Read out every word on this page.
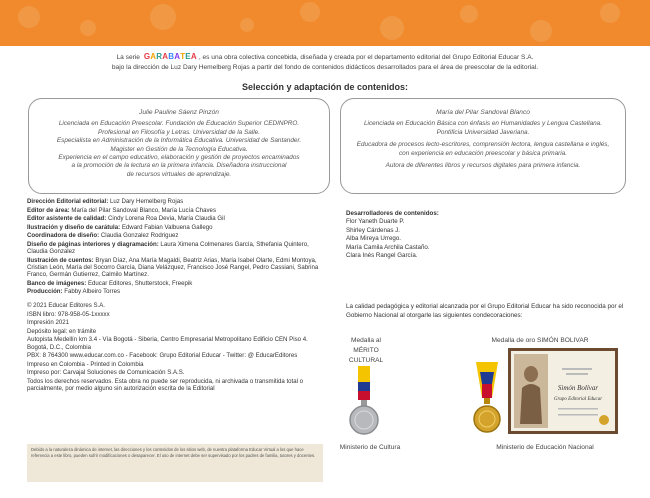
La serie GARABATEA , es una obra colectiva concebida, diseñada y creada por el departamento editorial del Grupo Editorial Educar S.A.
bajo la dirección de Luz Dary Hemelberg Rojas a partir del fondo de contenidos didácticos desarrollados para el área de preescolar de la editorial.
Selección y adaptación de contenidos:
Julie Pauline Sáenz Pinzón
Licenciada en Educación Preescolar. Fundación de Educación Superior CEDINPRO.
Profesional en Filosofía y Letras. Universidad de la Salle.
Especialista en Administración de la Informática Educativa. Universidad de Santander.
Magister en Gestión de la Tecnología Educativa.
Experiencia en el campo educativo, elaboración y gestión de proyectos encaminados
a la promoción de la lectura en la primera infancia. Diseñadora instruccional
de recursos virtuales de aprendizaje.
María del Pilar Sandoval Blanco

Licenciada en Educación Básica con énfasis en Humanidades y Lengua Castellana. Pontificia Universidad Javeriana.

Educadora de procesos lecto-escritores, comprensión lectora, lengua castellana e inglés, con experiencia en educación preescolar y básica primaria.

Autora de diferentes libros y recursos digitales para primera infancia.

Dirección Editorial editorial: Luz Dary Hemelberg Rojas
Editor de área: María del Pilar Sandoval Blanco, María Lucía Chaves
Editor asistente de calidad: Cindy Lorena Roa Devia, María Claudia Gil
Ilustración y diseño de carátula: Edward Fabian Valbuena Gallego
Coordinadora de diseño: Claudia Gonzalez Rodriguez
Diseño de páginas interiores y diagramación: Laura Ximena Colmenares García, Sthefania Quintero, Claudia Gonzalez
Ilustración de cuentos: Bryan Díaz, Ana María Magaldi, Beatriz Arias, María Isabel Olarte, Edmi Montoya, Cristian León, María del Socorro García, Diana Velázquez, Francisco José Rangel, Pedro Cassiani, Sabrina Franco, Germán Gutierrez, Calmilo Martínez.
Banco de imágenes: Educar Editores, Shutterstock, Freepik
Producción: Fabby Albeiro Torres
© 2021 Educar Editores S.A.
ISBN libro: 978-958-05-1xxxxx
Impresión 2021
Depósito legal: en trámite
Autopista Medellín km 3.4 - Vía Bogotá - Siberia, Centro Empresarial Metropolitano Edificio CEN Piso 4. Bogotá, D.C., Colombia
PBX: 8 764300 www.educar.com.co - Facebook: Grupo Editorial Educar - Twitter: @ EducarEditores
Impreso en Colombia - Printed in Colombia
Impreso por: Carvajal Soluciones de Comunicación S.A.S.
Todos los derechos reservados. Esta obra no puede ser reproducida, ni archivada o transmitida total o parcialmente, por medio alguno sin autorización escrita de la Editorial
Debido a la naturaleza dinámica de internet, las direcciones y los contenidos de los sitios web, de nuestra plataforma Educar Virtual a los que hace referencia a este libro, pueden sufrir modificaciones o desaparecer. El uso de internet debe ser supervisado por los padres de familia, tutores y docentes.
Desarrolladores de contenidos:
Flor Yaneth Duarte P.
Shirley Cárdenas J.
Alba Mireya Urrego.
María Camila Archila Castaño.
Clara Inés Rangel García.
La calidad pedagógica y editorial alcanzada por el Grupo Editorial Educar ha sido reconocida por el Gobierno Nacional al otorgarle las siguientes condecoraciones:
Medalla al
MÉRITO CULTURAL
Medalla de oro SIMÓN BOLIVAR
Simón Bolívar
Grupo Editorial Educar
Ministerio de Cultura	Ministerio de Educación Nacional
